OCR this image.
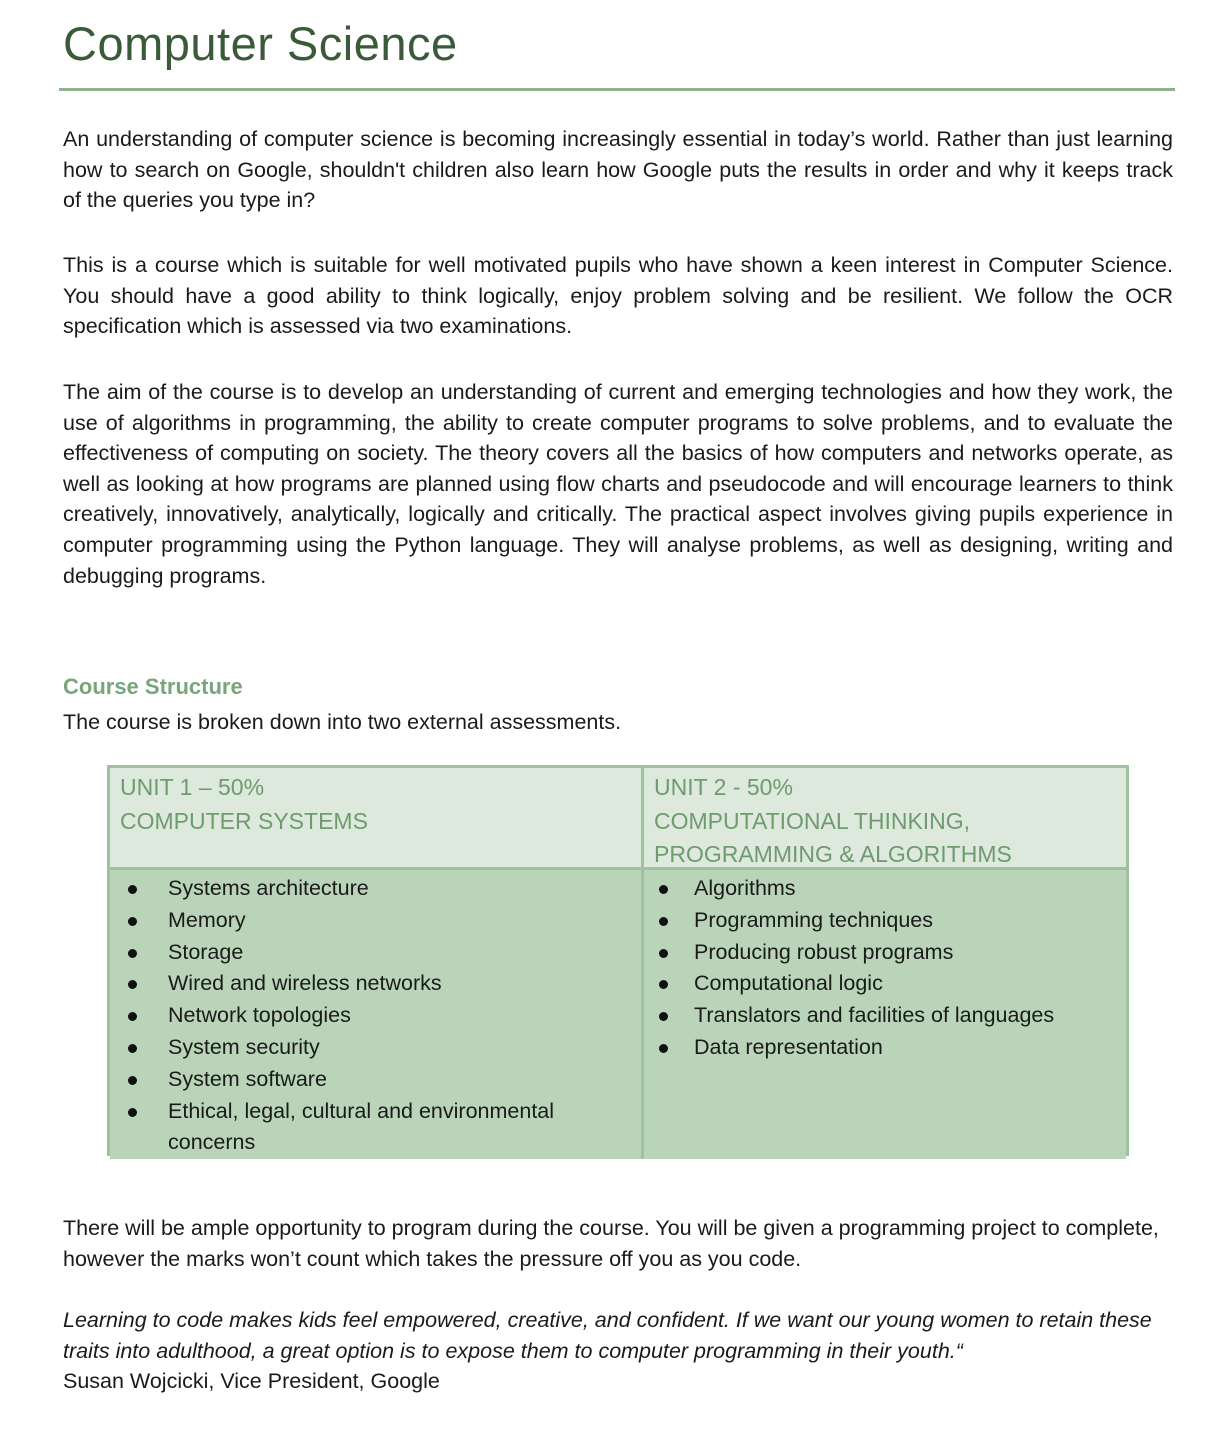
Computer Science

An understanding of computer science is becoming increasingly essential in today’s world. Rather than just learning how to search on Google, shouldn't children also learn how Google puts the results in order and why it keeps track of the queries you type in?

This is a course which is suitable for well motivated pupils who have shown a keen interest in Computer Science. You should have a good ability to think logically, enjoy problem solving and be resilient. We follow the OCR specification which is assessed via two examinations.

The aim of the course is to develop an understanding of current and emerging technologies and how they work, the use of algorithms in programming, the ability to create computer programs to solve problems, and to evaluate the effectiveness of computing on society. The theory covers all the basics of how computers and networks operate, as well as looking at how programs are planned using flow charts and pseudocode and will encourage learners to think creatively, innovatively, analytically, logically and critically. The practical aspect involves giving pupils experience in computer programming using the Python language. They will analyse problems, as well as designing, writing and debugging programs.

Course Structure
The course is broken down into two external assessments.
UNIT 1 – 50%
COMPUTER SYSTEMS
UNIT 2 - 50%
COMPUTATIONAL THINKING,
PROGRAMMING & ALGORITHMS
Systems architecture
Memory
Storage
Wired and wireless networks
Network topologies
System security
System software
Ethical, legal, cultural and environmental concerns
Algorithms
Programming techniques
Producing robust programs
Computational logic
Translators and facilities of languages
Data representation

There will be ample opportunity to program during the course. You will be given a programming project to complete, however the marks won’t count which takes the pressure off you as you code.

Learning to code makes kids feel empowered, creative, and confident. If we want our young women to retain these traits into adulthood, a great option is to expose them to computer programming in their youth.“
Susan Wojcicki, Vice President, Google
